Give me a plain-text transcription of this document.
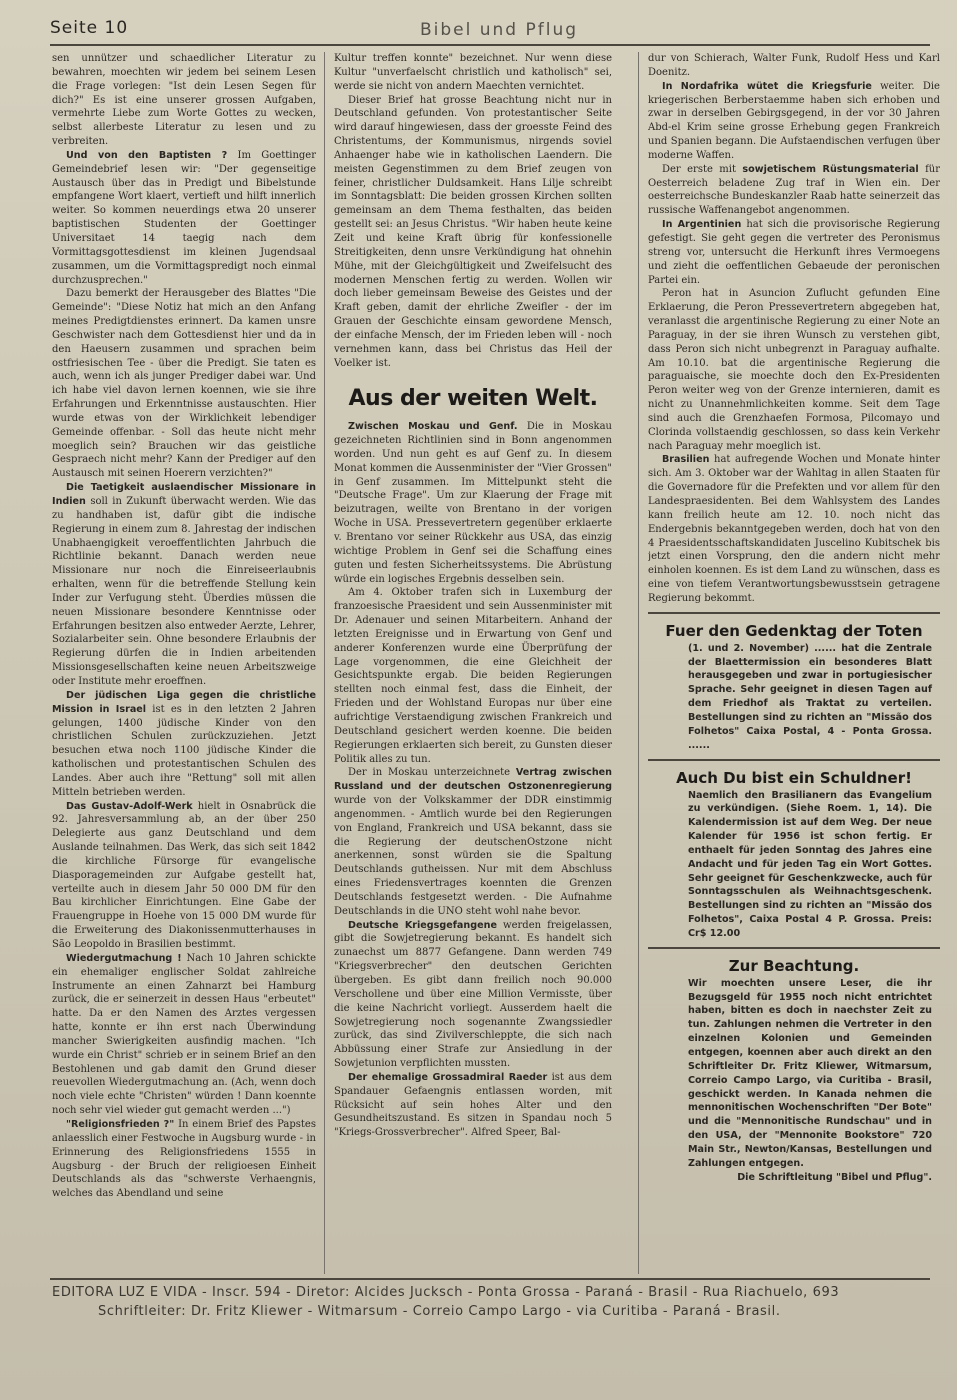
Seite 10	Bibel und Pflug

sen unnützer und schaedlicher Literatur zu bewahren, moechten wir jedem bei seinem Lesen die Frage vorlegen: "Ist dein Lesen Segen für dich?" Es ist eine unserer grossen Aufgaben, vermehrte Liebe zum Worte Gottes zu wecken, selbst allerbeste Literatur zu lesen und zu verbreiten.

Und von den Baptisten ? Im Goettinger Gemeindebrief lesen wir: "Der gegenseitige Austausch über das in Predigt und Bibelstunde empfangene Wort klaert, vertieft und hilft innerlich weiter. So kommen neuerdings etwa 20 unserer baptistischen Studenten der Goettinger Universitaet 14 taegig nach dem Vormittagsgottesdienst im kleinen Jugendsaal zusammen, um die Vormittagspredigt noch einmal durchzusprechen."

Dazu bemerkt der Herausgeber des Blattes "Die Gemeinde": "Diese Notiz hat mich an den Anfang meines Predigtdienstes erinnert. Da kamen unsre Geschwister nach dem Gottesdienst hier und da in den Haeusern zusammen und sprachen beim ostfriesischen Tee - über die Predigt. Sie taten es auch, wenn ich als junger Prediger dabei war. Und ich habe viel davon lernen koennen, wie sie ihre Erfahrungen und Erkenntnisse austauschten. Hier wurde etwas von der Wirklichkeit lebendiger Gemeinde offenbar. - Soll das heute nicht mehr moeglich sein? Brauchen wir das geistliche Gespraech nicht mehr? Kann der Prediger auf den Austausch mit seinen Hoerern verzichten?"

Die Taetigkeit auslaendischer Missionare in Indien soll in Zukunft überwacht werden. Wie das zu handhaben ist, dafür gibt die indische Regierung in einem zum 8. Jahrestag der indischen Unabhaengigkeit veroeffentlichten Jahrbuch die Richtlinie bekannt. Danach werden neue Missionare nur noch die Einreiseerlaubnis erhalten, wenn für die betreffende Stellung kein Inder zur Verfugung steht. Überdies müssen die neuen Missionare besondere Kenntnisse oder Erfahrungen besitzen also entweder Aerzte, Lehrer, Sozialarbeiter sein. Ohne besondere Erlaubnis der Regierung dürfen die in Indien arbeitenden Missionsgesellschaften keine neuen Arbeitszweige oder Institute mehr eroeffnen.

Der jüdischen Liga gegen die christliche Mission in Israel ist es in den letzten 2 Jahren gelungen, 1400 jüdische Kinder von den christlichen Schulen zurückzuziehen. Jetzt besuchen etwa noch 1100 jüdische Kinder die katholischen und protestantischen Schulen des Landes. Aber auch ihre "Rettung" soll mit allen Mitteln betrieben werden.

Das Gustav-Adolf-Werk hielt in Osnabrück die 92. Jahresversammlung ab, an der über 250 Delegierte aus ganz Deutschland und dem Auslande teilnahmen. Das Werk, das sich seit 1842 die kirchliche Fürsorge für evangelische Diasporagemeinden zur Aufgabe gestellt hat, verteilte auch in diesem Jahr 50 000 DM für den Bau kirchlicher Einrichtungen. Eine Gabe der Frauengruppe in Hoehe von 15 000 DM wurde für die Erweiterung des Diakonissenmutterhauses in São Leopoldo in Brasilien bestimmt.

Wiedergutmachung ! Nach 10 Jahren schickte ein ehemaliger englischer Soldat zahlreiche Instrumente an einen Zahnarzt bei Hamburg zurück, die er seinerzeit in dessen Haus "erbeutet" hatte. Da er den Namen des Arztes vergessen hatte, konnte er ihn erst nach Überwindung mancher Swierigkeiten ausfindig machen. "Ich wurde ein Christ" schrieb er in seinem Brief an den Bestohlenen und gab damit den Grund dieser reuevollen Wiedergutmachung an. (Ach, wenn doch noch viele echte "Christen" würden ! Dann koennte noch sehr viel wieder gut gemacht werden ...")

"Religionsfrieden ?" In einem Brief des Papstes anlaesslich einer Festwoche in Augsburg wurde - in Erinnerung des Religionsfriedens 1555 in Augsburg - der Bruch der religioesen Einheit Deutschlands als das "schwerste Verhaengnis, welches das Abendland und seine

Kultur treffen konnte" bezeichnet. Nur wenn diese Kultur "unverfaelscht christlich und katholisch" sei, werde sie nicht von andern Maechten vernichtet.

Dieser Brief hat grosse Beachtung nicht nur in Deutschland gefunden. Von protestantischer Seite wird darauf hingewiesen, dass der groesste Feind des Christentums, der Kommunismus, nirgends soviel Anhaenger habe wie in katholischen Laendern. Die meisten Gegenstimmen zu dem Brief zeugen von feiner, christlicher Duldsamkeit. Hans Lilje schreibt im Sonntagsblatt: Die beiden grossen Kirchen sollten gemeinsam an dem Thema festhalten, das beiden gestellt sei: an Jesus Christus. "Wir haben heute keine Zeit und keine Kraft übrig für konfessionelle Streitigkeiten, denn unsre Verkündigung hat ohnehin Mühe, mit der Gleichgültigkeit und Zweifelsucht des modernen Menschen fertig zu werden. Wollen wir doch lieber gemeinsam Beweise des Geistes und der Kraft geben, damit der ehrliche Zweifler - der im Grauen der Geschichte einsam gewordene Mensch, der einfache Mensch, der im Frieden leben will - noch vernehmen kann, dass bei Christus das Heil der Voelker ist.

Aus der weiten Welt.

Zwischen Moskau und Genf. Die in Moskau gezeichneten Richtlinien sind in Bonn angenommen worden. Und nun geht es auf Genf zu. In diesem Monat kommen die Aussenminister der "Vier Grossen" in Genf zusammen. Im Mittelpunkt steht die "Deutsche Frage". Um zur Klaerung der Frage mit beizutragen, weilte von Brentano in der vorigen Woche in USA. Pressevertretern gegenüber erklaerte v. Brentano vor seiner Rückkehr aus USA, das einzig wichtige Problem in Genf sei die Schaffung eines guten und festen Sicherheitssystems. Die Abrüstung würde ein logisches Ergebnis desselben sein.

Am 4. Oktober trafen sich in Luxemburg der franzoesische Praesident und sein Aussenminister mit Dr. Adenauer und seinen Mitarbeitern. Anhand der letzten Ereignisse und in Erwartung von Genf und anderer Konferenzen wurde eine Überprüfung der Lage vorgenommen, die eine Gleichheit der Gesichtspunkte ergab. Die beiden Regierungen stellten noch einmal fest, dass die Einheit, der Frieden und der Wohlstand Europas nur über eine aufrichtige Verstaendigung zwischen Frankreich und Deutschland gesichert werden koenne. Die beiden Regierungen erklaerten sich bereit, zu Gunsten dieser Politik alles zu tun.

Der in Moskau unterzeichnete Vertrag zwischen Russland und der deutschen Ostzonenregierung wurde von der Volkskammer der DDR einstimmig angenommen. - Amtlich wurde bei den Regierungen von England, Frankreich und USA bekannt, dass sie die Regierung der deutschenOstzone nicht anerkennen, sonst würden sie die Spaltung Deutschlands gutheissen. Nur mit dem Abschluss eines Friedensvertrages koennten die Grenzen Deutschlands festgesetzt werden. - Die Aufnahme Deutschlands in die UNO steht wohl nahe bevor.

Deutsche Kriegsgefangene werden freigelassen, gibt die Sowjetregierung bekannt. Es handelt sich zunaechst um 8877 Gefangene. Dann werden 749 "Kriegsverbrecher" den deutschen Gerichten übergeben. Es gibt dann freilich noch 90.000 Verschollene und über eine Million Vermisste, über die keine Nachricht vorliegt. Ausserdem haelt die Sowjetregierung noch sogenannte Zwangssiedler zurück, das sind Zivilverschleppte, die sich nach Abbüssung einer Strafe zur Ansiedlung in der Sowjetunion verpflichten mussten.

Der ehemalige Grossadmiral Raeder ist aus dem Spandauer Gefaengnis entlassen worden, mit Rücksicht auf sein hohes Alter und den Gesundheitszustand. Es sitzen in Spandau noch 5 "Kriegs-Grossverbrecher". Alfred Speer, Bal-

dur von Schierach, Walter Funk, Rudolf Hess und Karl Doenitz.

In Nordafrika wütet die Kriegsfurie weiter. Die kriegerischen Berberstaemme haben sich erhoben und zwar in derselben Gebirgsgegend, in der vor 30 Jahren Abd-el Krim seine grosse Erhebung gegen Frankreich und Spanien begann. Die Aufstaendischen verfugen über moderne Waffen.

Der erste mit sowjetischem Rüstungsmaterial für Oesterreich beladene Zug traf in Wien ein. Der oesterreichsche Bundeskanzler Raab hatte seinerzeit das russische Waffenangebot angenommen.

In Argentinien hat sich die provisorische Regierung gefestigt. Sie geht gegen die vertreter des Peronismus streng vor, untersucht die Herkunft ihres Vermoegens und zieht die oeffentlichen Gebaeude der peronischen Partei ein.

Peron hat in Asuncion Zuflucht gefunden Eine Erklaerung, die Peron Pressevertretern abgegeben hat, veranlasst die argentinische Regierung zu einer Note an Paraguay, in der sie ihren Wunsch zu verstehen gibt, dass Peron sich nicht unbegrenzt in Paraguay aufhalte. Am 10.10. bat die argentinische Regierung die paraguaische, sie moechte doch den Ex-Presidenten Peron weiter weg von der Grenze internieren, damit es nicht zu Unannehmlichkeiten komme. Seit dem Tage sind auch die Grenzhaefen Formosa, Pilcomayo und Clorinda vollstaendig geschlossen, so dass kein Verkehr nach Paraguay mehr moeglich ist.

Brasilien hat aufregende Wochen und Monate hinter sich. Am 3. Oktober war der Wahltag in allen Staaten für die Governadore für die Prefekten und vor allem für den Landespraesidenten. Bei dem Wahlsystem des Landes kann freilich heute am 12. 10. noch nicht das Endergebnis bekanntgegeben werden, doch hat von den 4 Praesidentsschaftskandidaten Juscelino Kubitschek bis jetzt einen Vorsprung, den die andern nicht mehr einholen koennen. Es ist dem Land zu wünschen, dass es eine von tiefem Verantwortungsbewusstsein getragene Regierung bekommt.

Fuer den Gedenktag der Toten
(1. und 2. November) ...... hat die Zentrale der Blaettermission ein besonderes Blatt herausgegeben und zwar in portugiesischer Sprache. Sehr geeignet in diesen Tagen auf dem Friedhof als Traktat zu verteilen. Bestellungen sind zu richten an "Missão dos Folhetos" Caixa Postal, 4 - Ponta Grossa. ......
Auch Du bist ein Schuldner!
Naemlich den Brasilianern das Evangelium zu verkündigen. (Siehe Roem. 1, 14). Die Kalendermission ist auf dem Weg. Der neue Kalender für 1956 ist schon fertig. Er enthaelt für jeden Sonntag des Jahres eine Andacht und für jeden Tag ein Wort Gottes. Sehr geeignet für Geschenkzwecke, auch für Sonntagsschulen als Weihnachtsgeschenk. Bestellungen sind zu richten an "Missão dos Folhetos", Caixa Postal 4 P. Grossa. Preis: Cr$ 12.00
Zur Beachtung.
Wir moechten unsere Leser, die ihr Bezugsgeld für 1955 noch nicht entrichtet haben, bitten es doch in naechster Zeit zu tun. Zahlungen nehmen die Vertreter in den einzelnen Kolonien und Gemeinden entgegen, koennen aber auch direkt an den Schriftleiter Dr. Fritz Kliewer, Witmarsum, Correio Campo Largo, via Curitiba - Brasil, geschickt werden. In Kanada nehmen die mennonitischen Wochenschriften "Der Bote" und die "Mennonitische Rundschau" und in den USA, der "Mennonite Bookstore" 720 Main Str., Newton/Kansas, Bestellungen und Zahlungen entgegen.
Die Schriftleitung "Bibel und Pflug".
EDITORA LUZ E VIDA - Inscr. 594 - Diretor: Alcides Jucksch - Ponta Grossa - Paraná - Brasil - Rua Riachuelo, 693
Schriftleiter: Dr. Fritz Kliewer - Witmarsum - Correio Campo Largo - via Curitiba - Paraná - Brasil.
